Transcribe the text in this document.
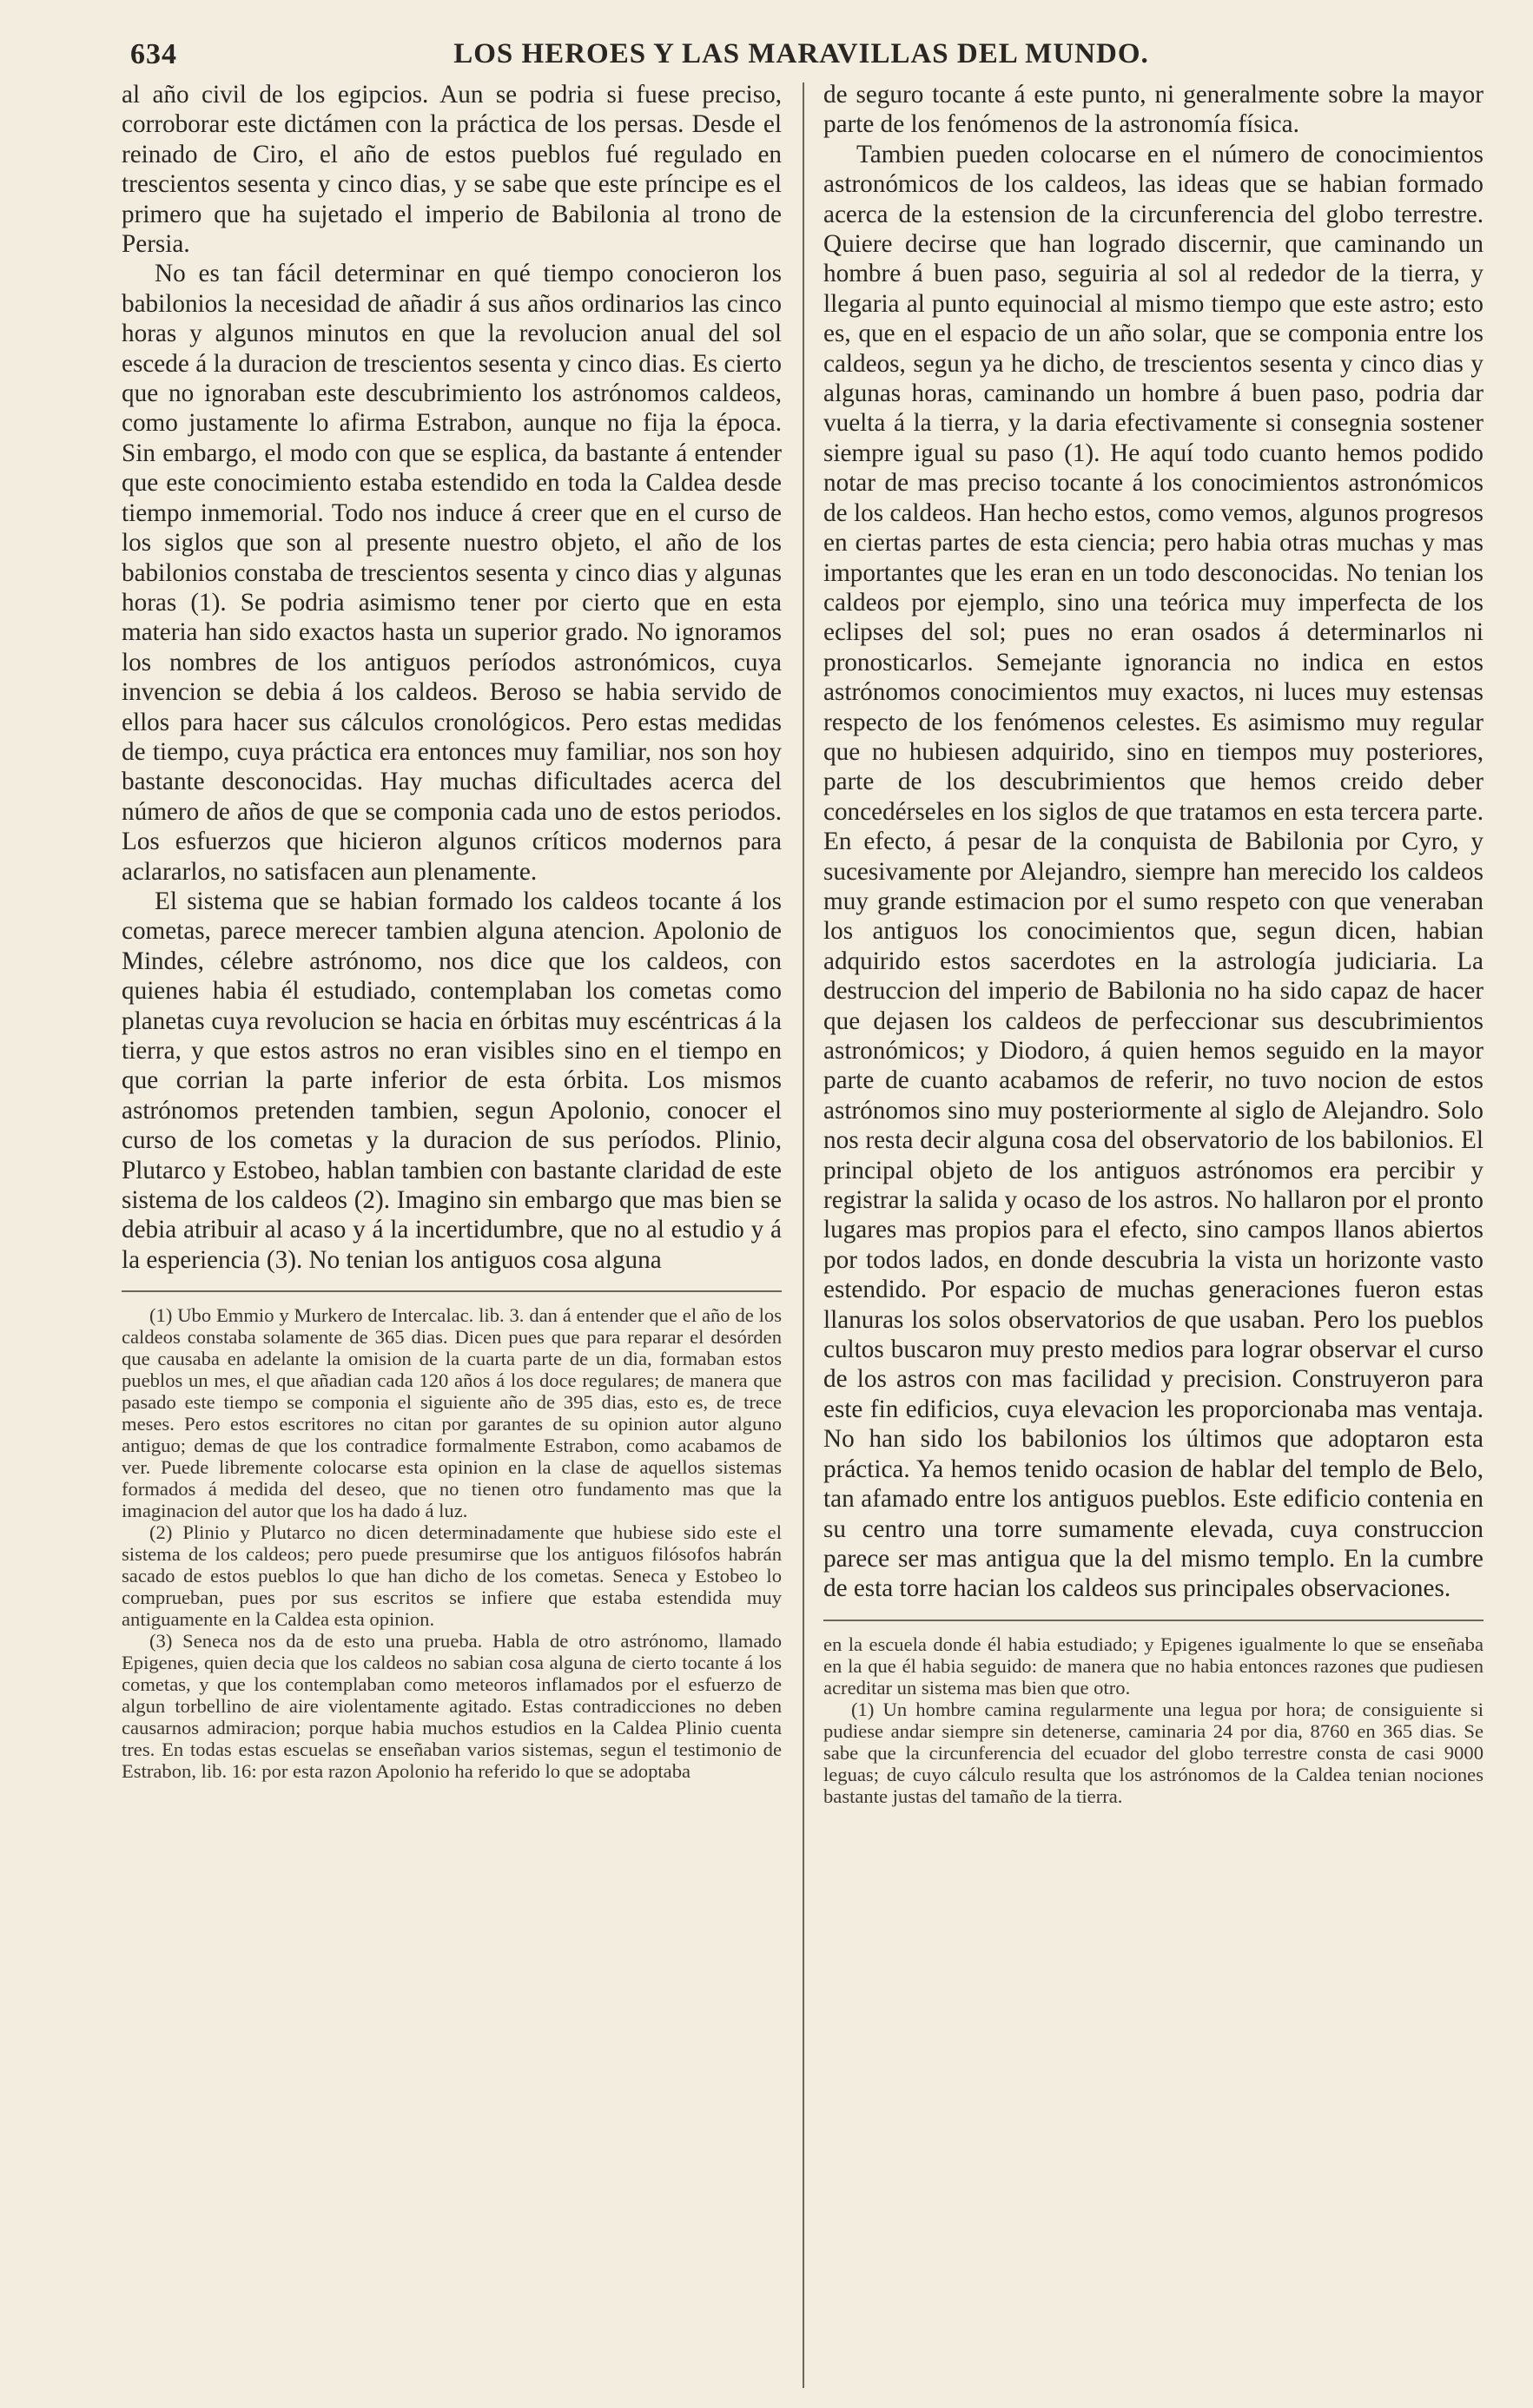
634	LOS HEROES Y LAS MARAVILLAS DEL MUNDO.

al año civil de los egipcios. Aun se podria si fuese preciso, corroborar este dictámen con la práctica de los persas. Desde el reinado de Ciro, el año de estos pueblos fué regulado en trescientos sesenta y cinco dias, y se sabe que este príncipe es el primero que ha sujetado el imperio de Babilonia al trono de Persia.

No es tan fácil determinar en qué tiempo conocieron los babilonios la necesidad de añadir á sus años ordinarios las cinco horas y algunos minutos en que la revolucion anual del sol escede á la duracion de trescientos sesenta y cinco dias. Es cierto que no ignoraban este descubrimiento los astrónomos caldeos, como justamente lo afirma Estrabon, aunque no fija la época. Sin embargo, el modo con que se esplica, da bastante á entender que este conocimiento estaba estendido en toda la Caldea desde tiempo inmemorial. Todo nos induce á creer que en el curso de los siglos que son al presente nuestro objeto, el año de los babilonios constaba de trescientos sesenta y cinco dias y algunas horas (1). Se podria asimismo tener por cierto que en esta materia han sido exactos hasta un superior grado. No ignoramos los nombres de los antiguos períodos astronómicos, cuya invencion se debia á los caldeos. Beroso se habia servido de ellos para hacer sus cálculos cronológicos. Pero estas medidas de tiempo, cuya práctica era entonces muy familiar, nos son hoy bastante desconocidas. Hay muchas dificultades acerca del número de años de que se componia cada uno de estos periodos. Los esfuerzos que hicieron algunos críticos modernos para aclararlos, no satisfacen aun plenamente.

El sistema que se habian formado los caldeos tocante á los cometas, parece merecer tambien alguna atencion. Apolonio de Mindes, célebre astrónomo, nos dice que los caldeos, con quienes habia él estudiado, contemplaban los cometas como planetas cuya revolucion se hacia en órbitas muy escéntricas á la tierra, y que estos astros no eran visibles sino en el tiempo en que corrian la parte inferior de esta órbita. Los mismos astrónomos pretenden tambien, segun Apolonio, conocer el curso de los cometas y la duracion de sus períodos. Plinio, Plutarco y Estobeo, hablan tambien con bastante claridad de este sistema de los caldeos (2). Imagino sin embargo que mas bien se debia atribuir al acaso y á la incertidumbre, que no al estudio y á la esperiencia (3). No tenian los antiguos cosa alguna

(1) Ubo Emmio y Murkero de Intercalac. lib. 3. dan á entender que el año de los caldeos constaba solamente de 365 dias. Dicen pues que para reparar el desórden que causaba en adelante la omision de la cuarta parte de un dia, formaban estos pueblos un mes, el que añadian cada 120 años á los doce regulares; de manera que pasado este tiempo se componia el siguiente año de 395 dias, esto es, de trece meses. Pero estos escritores no citan por garantes de su opinion autor alguno antiguo; demas de que los contradice formalmente Estrabon, como acabamos de ver. Puede libremente colocarse esta opinion en la clase de aquellos sistemas formados á medida del deseo, que no tienen otro fundamento mas que la imaginacion del autor que los ha dado á luz.

(2) Plinio y Plutarco no dicen determinadamente que hubiese sido este el sistema de los caldeos; pero puede presumirse que los antiguos filósofos habrán sacado de estos pueblos lo que han dicho de los cometas. Seneca y Estobeo lo comprueban, pues por sus escritos se infiere que estaba estendida muy antiguamente en la Caldea esta opinion.

(3) Seneca nos da de esto una prueba. Habla de otro astrónomo, llamado Epigenes, quien decia que los caldeos no sabian cosa alguna de cierto tocante á los cometas, y que los contemplaban como meteoros inflamados por el esfuerzo de algun torbellino de aire violentamente agitado. Estas contradicciones no deben causarnos admiracion; porque habia muchos estudios en la Caldea Plinio cuenta tres. En todas estas escuelas se enseñaban varios sistemas, segun el testimonio de Estrabon, lib. 16: por esta razon Apolonio ha referido lo que se adoptaba

de seguro tocante á este punto, ni generalmente sobre la mayor parte de los fenómenos de la astronomía física.

Tambien pueden colocarse en el número de conocimientos astronómicos de los caldeos, las ideas que se habian formado acerca de la estension de la circunferencia del globo terrestre. Quiere decirse que han logrado discernir, que caminando un hombre á buen paso, seguiria al sol al rededor de la tierra, y llegaria al punto equinocial al mismo tiempo que este astro; esto es, que en el espacio de un año solar, que se componia entre los caldeos, segun ya he dicho, de trescientos sesenta y cinco dias y algunas horas, caminando un hombre á buen paso, podria dar vuelta á la tierra, y la daria efectivamente si consegnia sostener siempre igual su paso (1). He aquí todo cuanto hemos podido notar de mas preciso tocante á los conocimientos astronómicos de los caldeos. Han hecho estos, como vemos, algunos progresos en ciertas partes de esta ciencia; pero habia otras muchas y mas importantes que les eran en un todo desconocidas. No tenian los caldeos por ejemplo, sino una teórica muy imperfecta de los eclipses del sol; pues no eran osados á determinarlos ni pronosticarlos. Semejante ignorancia no indica en estos astrónomos conocimientos muy exactos, ni luces muy estensas respecto de los fenómenos celestes. Es asimismo muy regular que no hubiesen adquirido, sino en tiempos muy posteriores, parte de los descubrimientos que hemos creido deber concedérseles en los siglos de que tratamos en esta tercera parte. En efecto, á pesar de la conquista de Babilonia por Cyro, y sucesivamente por Alejandro, siempre han merecido los caldeos muy grande estimacion por el sumo respeto con que veneraban los antiguos los conocimientos que, segun dicen, habian adquirido estos sacerdotes en la astrología judiciaria. La destruccion del imperio de Babilonia no ha sido capaz de hacer que dejasen los caldeos de perfeccionar sus descubrimientos astronómicos; y Diodoro, á quien hemos seguido en la mayor parte de cuanto acabamos de referir, no tuvo nocion de estos astrónomos sino muy posteriormente al siglo de Alejandro. Solo nos resta decir alguna cosa del observatorio de los babilonios. El principal objeto de los antiguos astrónomos era percibir y registrar la salida y ocaso de los astros. No hallaron por el pronto lugares mas propios para el efecto, sino campos llanos abiertos por todos lados, en donde descubria la vista un horizonte vasto estendido. Por espacio de muchas generaciones fueron estas llanuras los solos observatorios de que usaban. Pero los pueblos cultos buscaron muy presto medios para lograr observar el curso de los astros con mas facilidad y precision. Construyeron para este fin edificios, cuya elevacion les proporcionaba mas ventaja. No han sido los babilonios los últimos que adoptaron esta práctica. Ya hemos tenido ocasion de hablar del templo de Belo, tan afamado entre los antiguos pueblos. Este edificio contenia en su centro una torre sumamente elevada, cuya construccion parece ser mas antigua que la del mismo templo. En la cumbre de esta torre hacian los caldeos sus principales observaciones.

en la escuela donde él habia estudiado; y Epigenes igualmente lo que se enseñaba en la que él habia seguido: de manera que no habia entonces razones que pudiesen acreditar un sistema mas bien que otro.

(1) Un hombre camina regularmente una legua por hora; de consiguiente si pudiese andar siempre sin detenerse, caminaria 24 por dia, 8760 en 365 dias. Se sabe que la circunferencia del ecuador del globo terrestre consta de casi 9000 leguas; de cuyo cálculo resulta que los astrónomos de la Caldea tenian nociones bastante justas del tamaño de la tierra.
